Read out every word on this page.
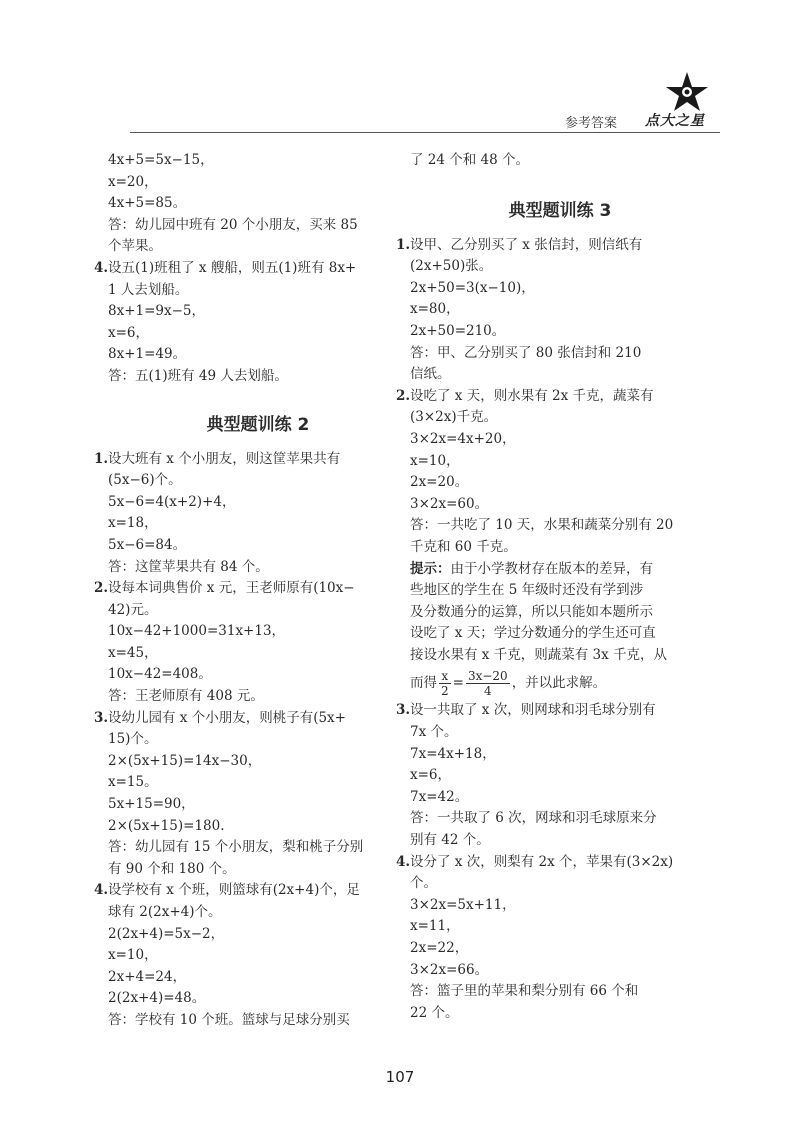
参考答案 点大之星
4x+5=5x−15，
x=20，
4x+5=85。
答：幼儿园中班有 20 个小朋友，买来 85
个苹果。
4. 设五(1)班租了 x 艘船，则五(1)班有 8x+
1 人去划船。
8x+1=9x−5，
x=6，
8x+1=49。
答：五(1)班有 49 人去划船。
典型题训练 2
1. 设大班有 x 个小朋友，则这筐苹果共有
(5x−6)个。
5x−6=4(x+2)+4，
x=18，
5x−6=84。
答：这筐苹果共有 84 个。
2. 设每本词典售价 x 元，王老师原有(10x−
42)元。
10x−42+1000=31x+13，
x=45，
10x−42=408。
答：王老师原有 408 元。
3. 设幼儿园有 x 个小朋友，则桃子有(5x+
15)个。
2×(5x+15)=14x−30，
x=15。
5x+15=90，
2×(5x+15)=180.
答：幼儿园有 15 个小朋友，梨和桃子分别
有 90 个和 180 个。
4. 设学校有 x 个班，则篮球有(2x+4)个，足
球有 2(2x+4)个。
2(2x+4)=5x−2，
x=10，
2x+4=24，
2(2x+4)=48。
答：学校有 10 个班。篮球与足球分别买
了 24 个和 48 个。
典型题训练 3
1. 设甲、乙分别买了 x 张信封，则信纸有
(2x+50)张。
2x+50=3(x−10)，
x=80，
2x+50=210。
答：甲、乙分别买了 80 张信封和 210
信纸。
2. 设吃了 x 天，则水果有 2x 千克，蔬菜有
(3×2x)千克。
3×2x=4x+20，
x=10，
2x=20。
3×2x=60。
答：一共吃了 10 天，水果和蔬菜分别有 20
千克和 60 千克。
提示：由于小学教材存在版本的差异，有
些地区的学生在 5 年级时还没有学到涉
及分数通分的运算，所以只能如本题所示
设吃了 x 天；学过分数通分的学生还可直
接设水果有 x 千克，则蔬菜有 3x 千克，从
而得 $\frac{x}{2} = \frac{3x-20}{4}$ ，并以此求解。
3. 设一共取了 x 次，则网球和羽毛球分别有
7x 个。
7x=4x+18，
x=6，
7x=42。
答：一共取了 6 次，网球和羽毛球原来分
别有 42 个。
4. 设分了 x 次，则梨有 2x 个，苹果有(3×2x)
个。
3×2x=5x+11，
x=11，
2x=22，
3×2x=66。
答：篮子里的苹果和梨分别有 66 个和
22 个。
107
